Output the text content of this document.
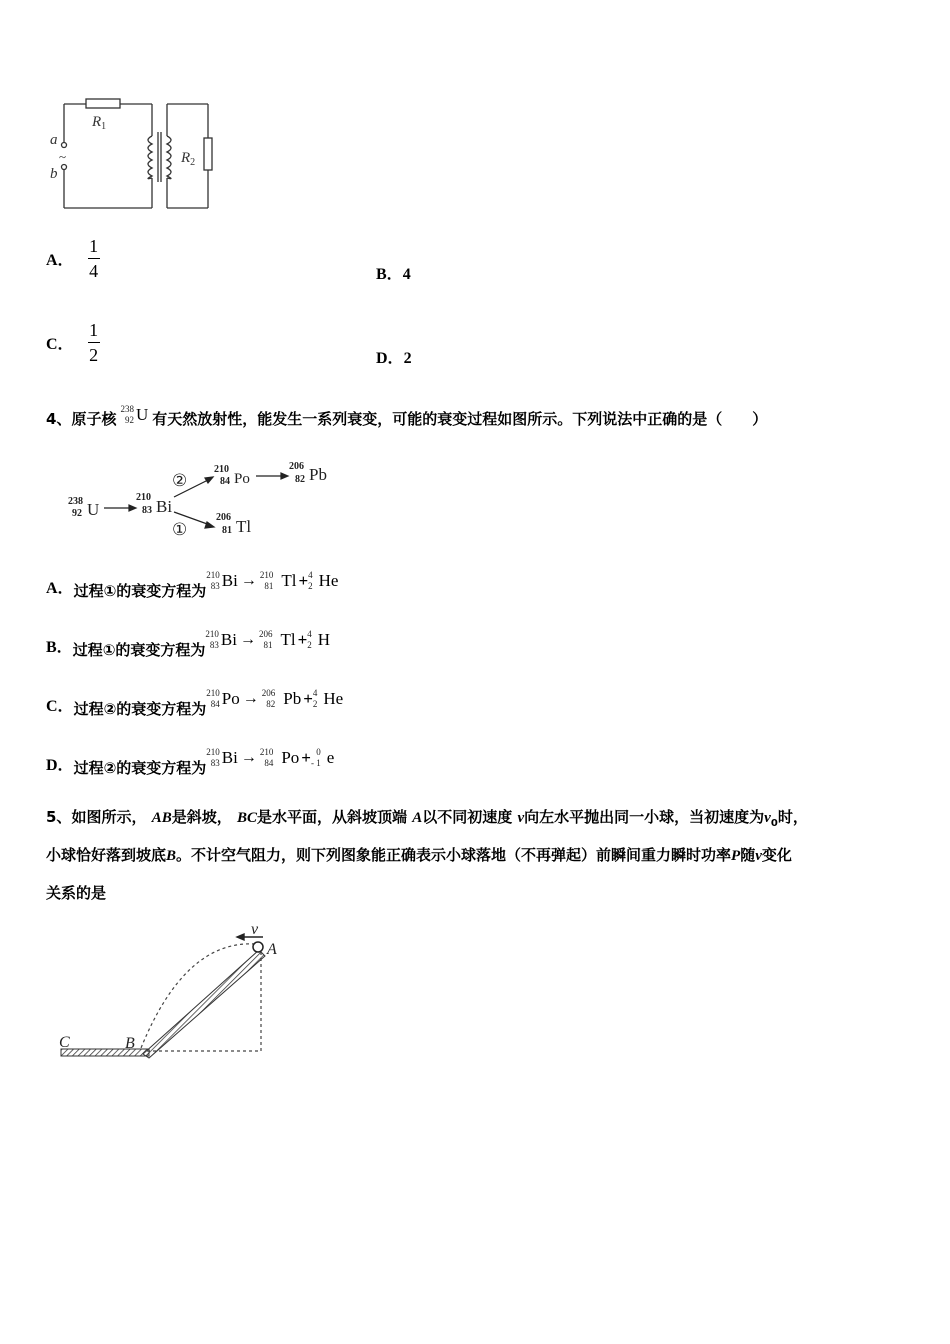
a
b
~
$R_1$
$R_2$
A． $\frac{1}{4}$	B．4
C． $\frac{1}{2}$	D．2
4、 原子核
238
92 U 有天然放射性，能发生一系列衰变，可能的衰变过程如图所示。下列说法中正确的是（　　）
238
92 U
210
83 Bi
210
84 Po
206
82 Pb
206
81 Tl
②
①
A． 过程①的衰变方程为
210
83 Bi → 210
81 Tl + 4
2 He
B． 过程①的衰变方程为
210
83 Bi → 206
81 Tl + 4
2 H
C． 过程②的衰变方程为
210
84 Po → 206
82 Pb + 4
2 He
D． 过程②的衰变方程为
210
83 Bi → 210
84 Po + 0
- 1 e
5、如图所示， AB是斜坡， BC是水平面，从斜坡顶端 A以不同初速度 v向左水平抛出同一小球，当初速度为$v_0$时，
小球恰好落到坡底B。不计空气阻力，则下列图象能正确表示小球落地（不再弹起）前瞬间重力瞬时功率P随v变化
关系的是
v
A
B
C
